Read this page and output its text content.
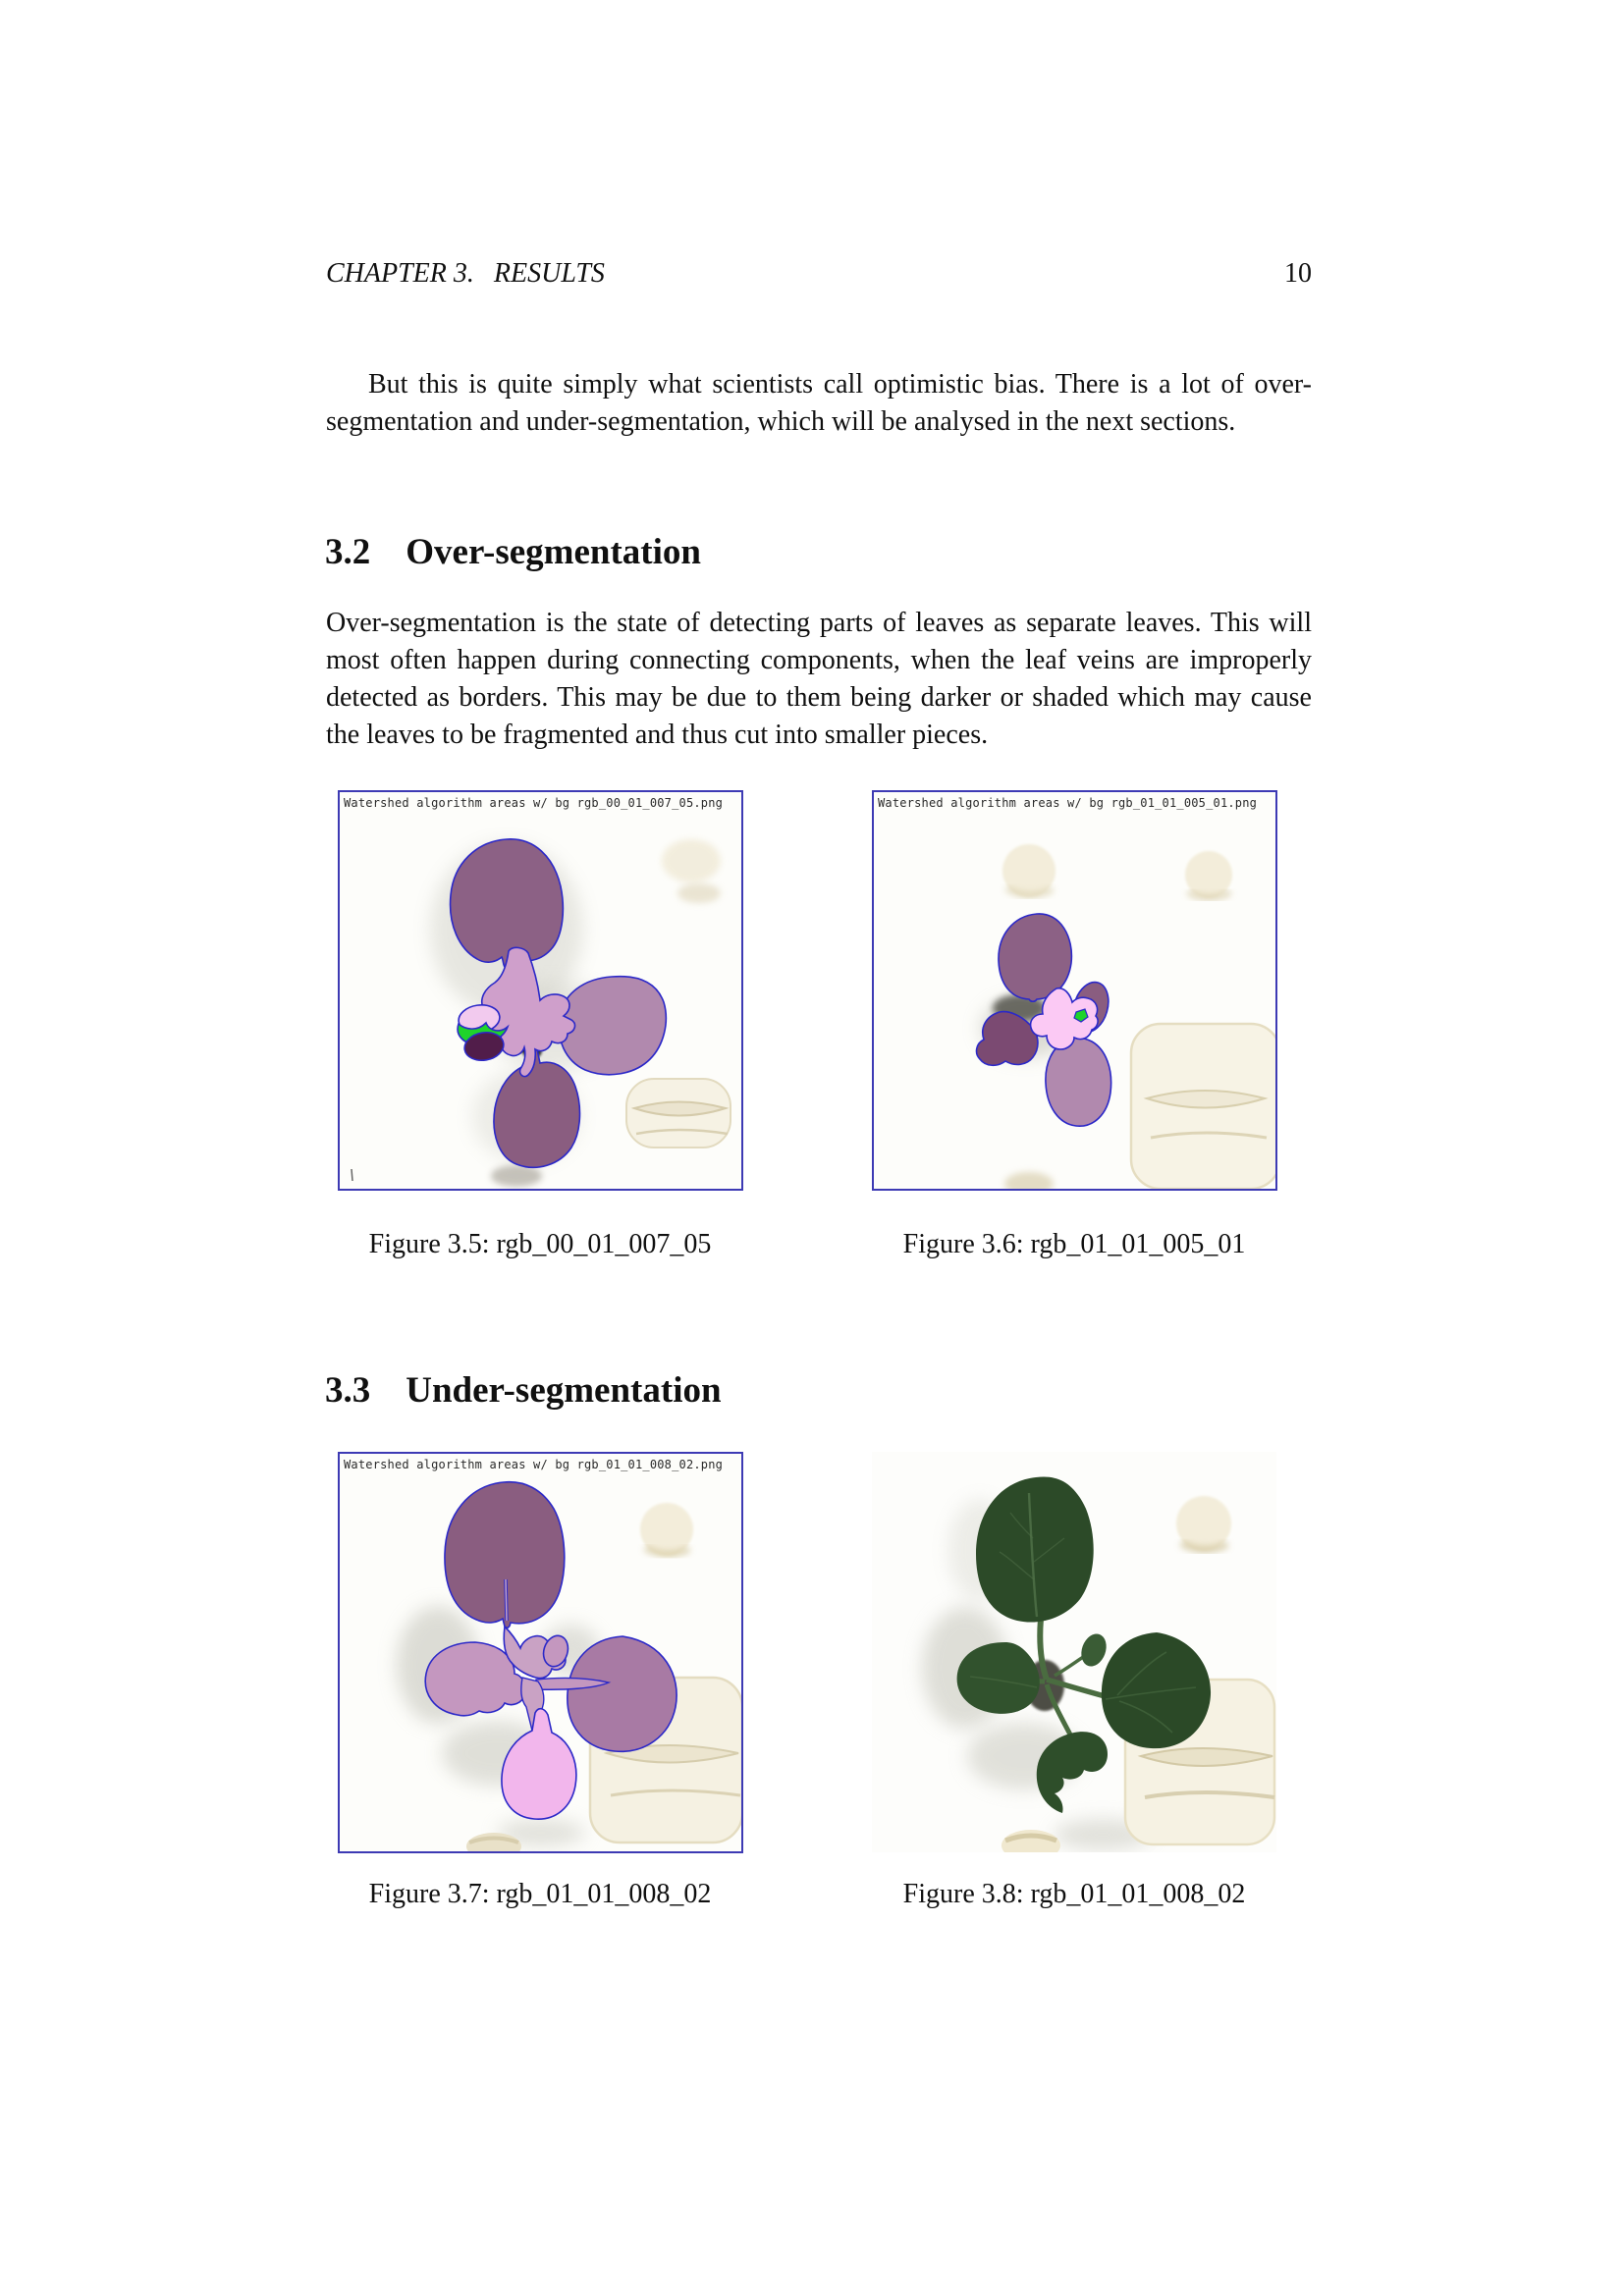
CHAPTER 3. RESULTS	10

But this is quite simply what scientists call optimistic bias. There is a lot of over-segmentation and under-segmentation, which will be analysed in the next sections.

3.2 Over-segmentation

Over-segmentation is the state of detecting parts of leaves as separate leaves. This will most often happen during connecting components, when the leaf veins are improperly detected as borders. This may be due to them being darker or shaded which may cause the leaves to be fragmented and thus cut into smaller pieces.

Watershed algorithm areas w/ bg rgb_00_01_007_05.png	Watershed algorithm areas w/ bg rgb_01_01_005_01.png
Figure 3.5: rgb_00_01_007_05	Figure 3.6: rgb_01_01_005_01
3.3 Under-segmentation
Watershed algorithm areas w/ bg rgb_01_01_008_02.png
Figure 3.7: rgb_01_01_008_02	Figure 3.8: rgb_01_01_008_02
